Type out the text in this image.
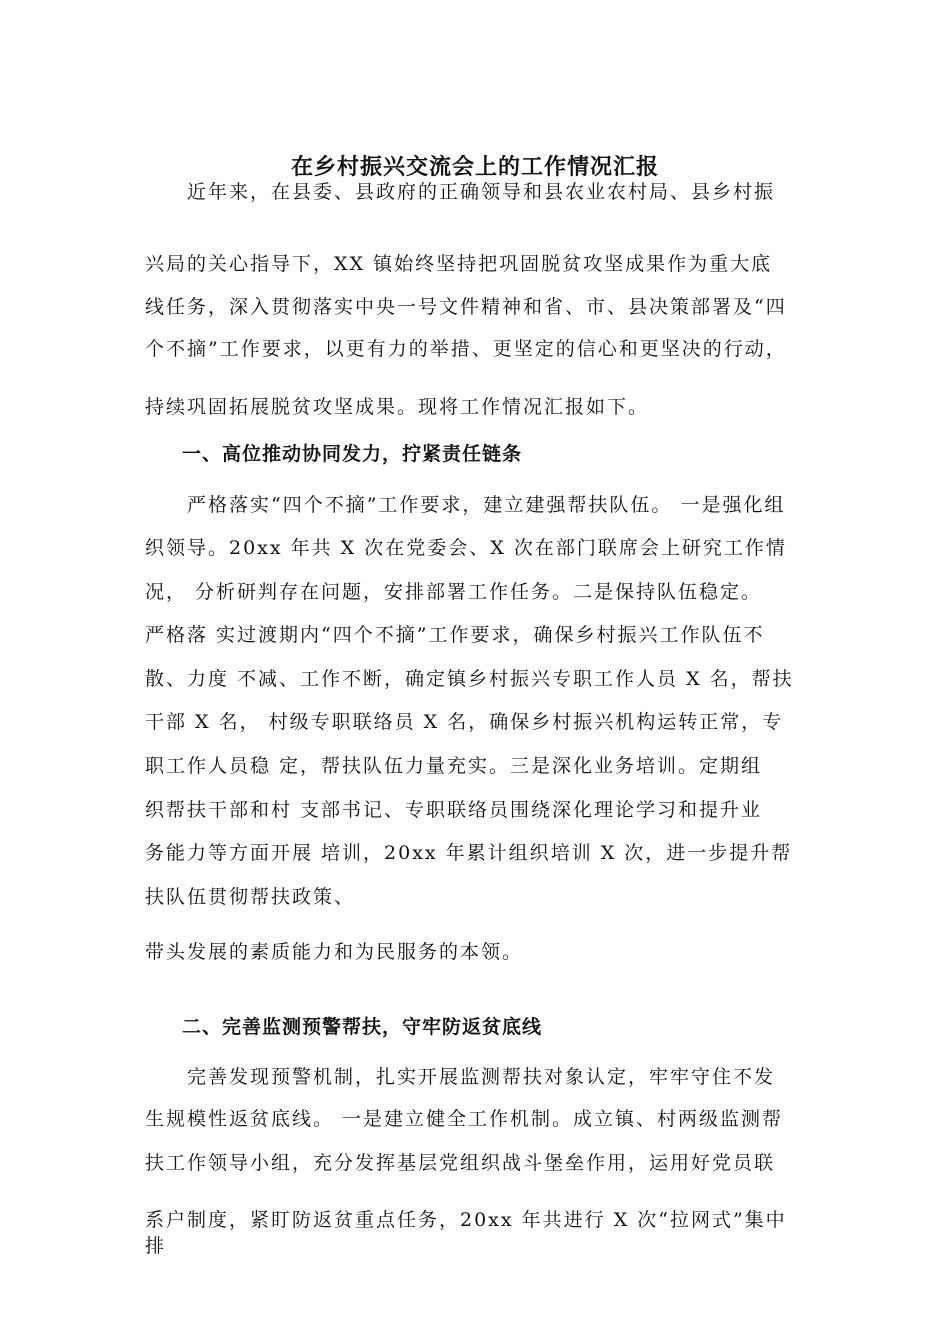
在乡村振兴交流会上的工作情况汇报
　　近年来，在县委、县政府的正确领导和县农业农村局、县乡村振
兴局的关心指导下，XX 镇始终坚持把巩固脱贫攻坚成果作为重大底
线任务，深入贯彻落实中央一号文件精神和省、市、县决策部署及“四
个不摘”工作要求，以更有力的举措、更坚定的信心和更坚决的行动，
持续巩固拓展脱贫攻坚成果。现将工作情况汇报如下。
一、高位推动协同发力，拧紧责任链条
　　严格落实“四个不摘”工作要求，建立建强帮扶队伍。 一是强化组
织领导。20xx 年共 X 次在党委会、X 次在部门联席会上研究工作情
况， 分析研判存在问题，安排部署工作任务。二是保持队伍稳定。
严格落 实过渡期内“四个不摘”工作要求，确保乡村振兴工作队伍不
散、力度 不减、工作不断，确定镇乡村振兴专职工作人员 X 名，帮扶
干部 X 名， 村级专职联络员 X 名，确保乡村振兴机构运转正常，专
职工作人员稳 定，帮扶队伍力量充实。三是深化业务培训。定期组
织帮扶干部和村 支部书记、专职联络员围绕深化理论学习和提升业
务能力等方面开展 培训，20xx 年累计组织培训 X 次，进一步提升帮
扶队伍贯彻帮扶政策、
带头发展的素质能力和为民服务的本领。
二、完善监测预警帮扶，守牢防返贫底线
　　完善发现预警机制，扎实开展监测帮扶对象认定，牢牢守住不发
生规模性返贫底线。 一是建立健全工作机制。成立镇、村两级监测帮
扶工作领导小组，充分发挥基层党组织战斗堡垒作用，运用好党员联
系户制度，紧盯防返贫重点任务，20xx 年共进行 X 次“拉网式”集中
排
